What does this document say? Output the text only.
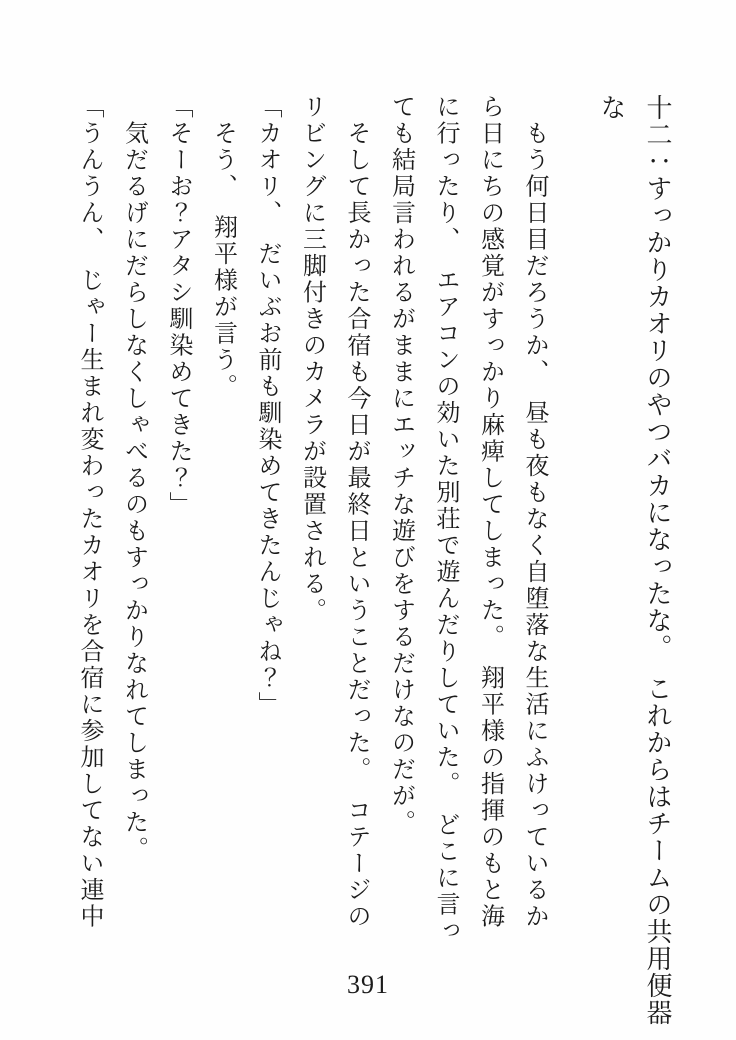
十二：すっかりカオリのやつバカになったな。　これからはチームの共用便器
な
　もう何日目だろうか、　昼も夜もなく自堕落な生活にふけっているか
ら日にちの感覚がすっかり麻痺してしまった。　翔平様の指揮のもと海
に行ったり、　エアコンの効いた別荘で遊んだりしていた。　どこに言っ
ても結局言われるがままにエッチな遊びをするだけなのだが。
　そして長かった合宿も今日が最終日ということだった。　コテージの
リビングに三脚付きのカメラが設置される。
「カオリ、　だいぶお前も馴染めてきたんじゃね？」
　そう、　翔平様が言う。
「そーお？アタシ馴染めてきた？」
　気だるげにだらしなくしゃべるのもすっかりなれてしまった。
「うんうん、　じゃー生まれ変わったカオリを合宿に参加してない連中
391
